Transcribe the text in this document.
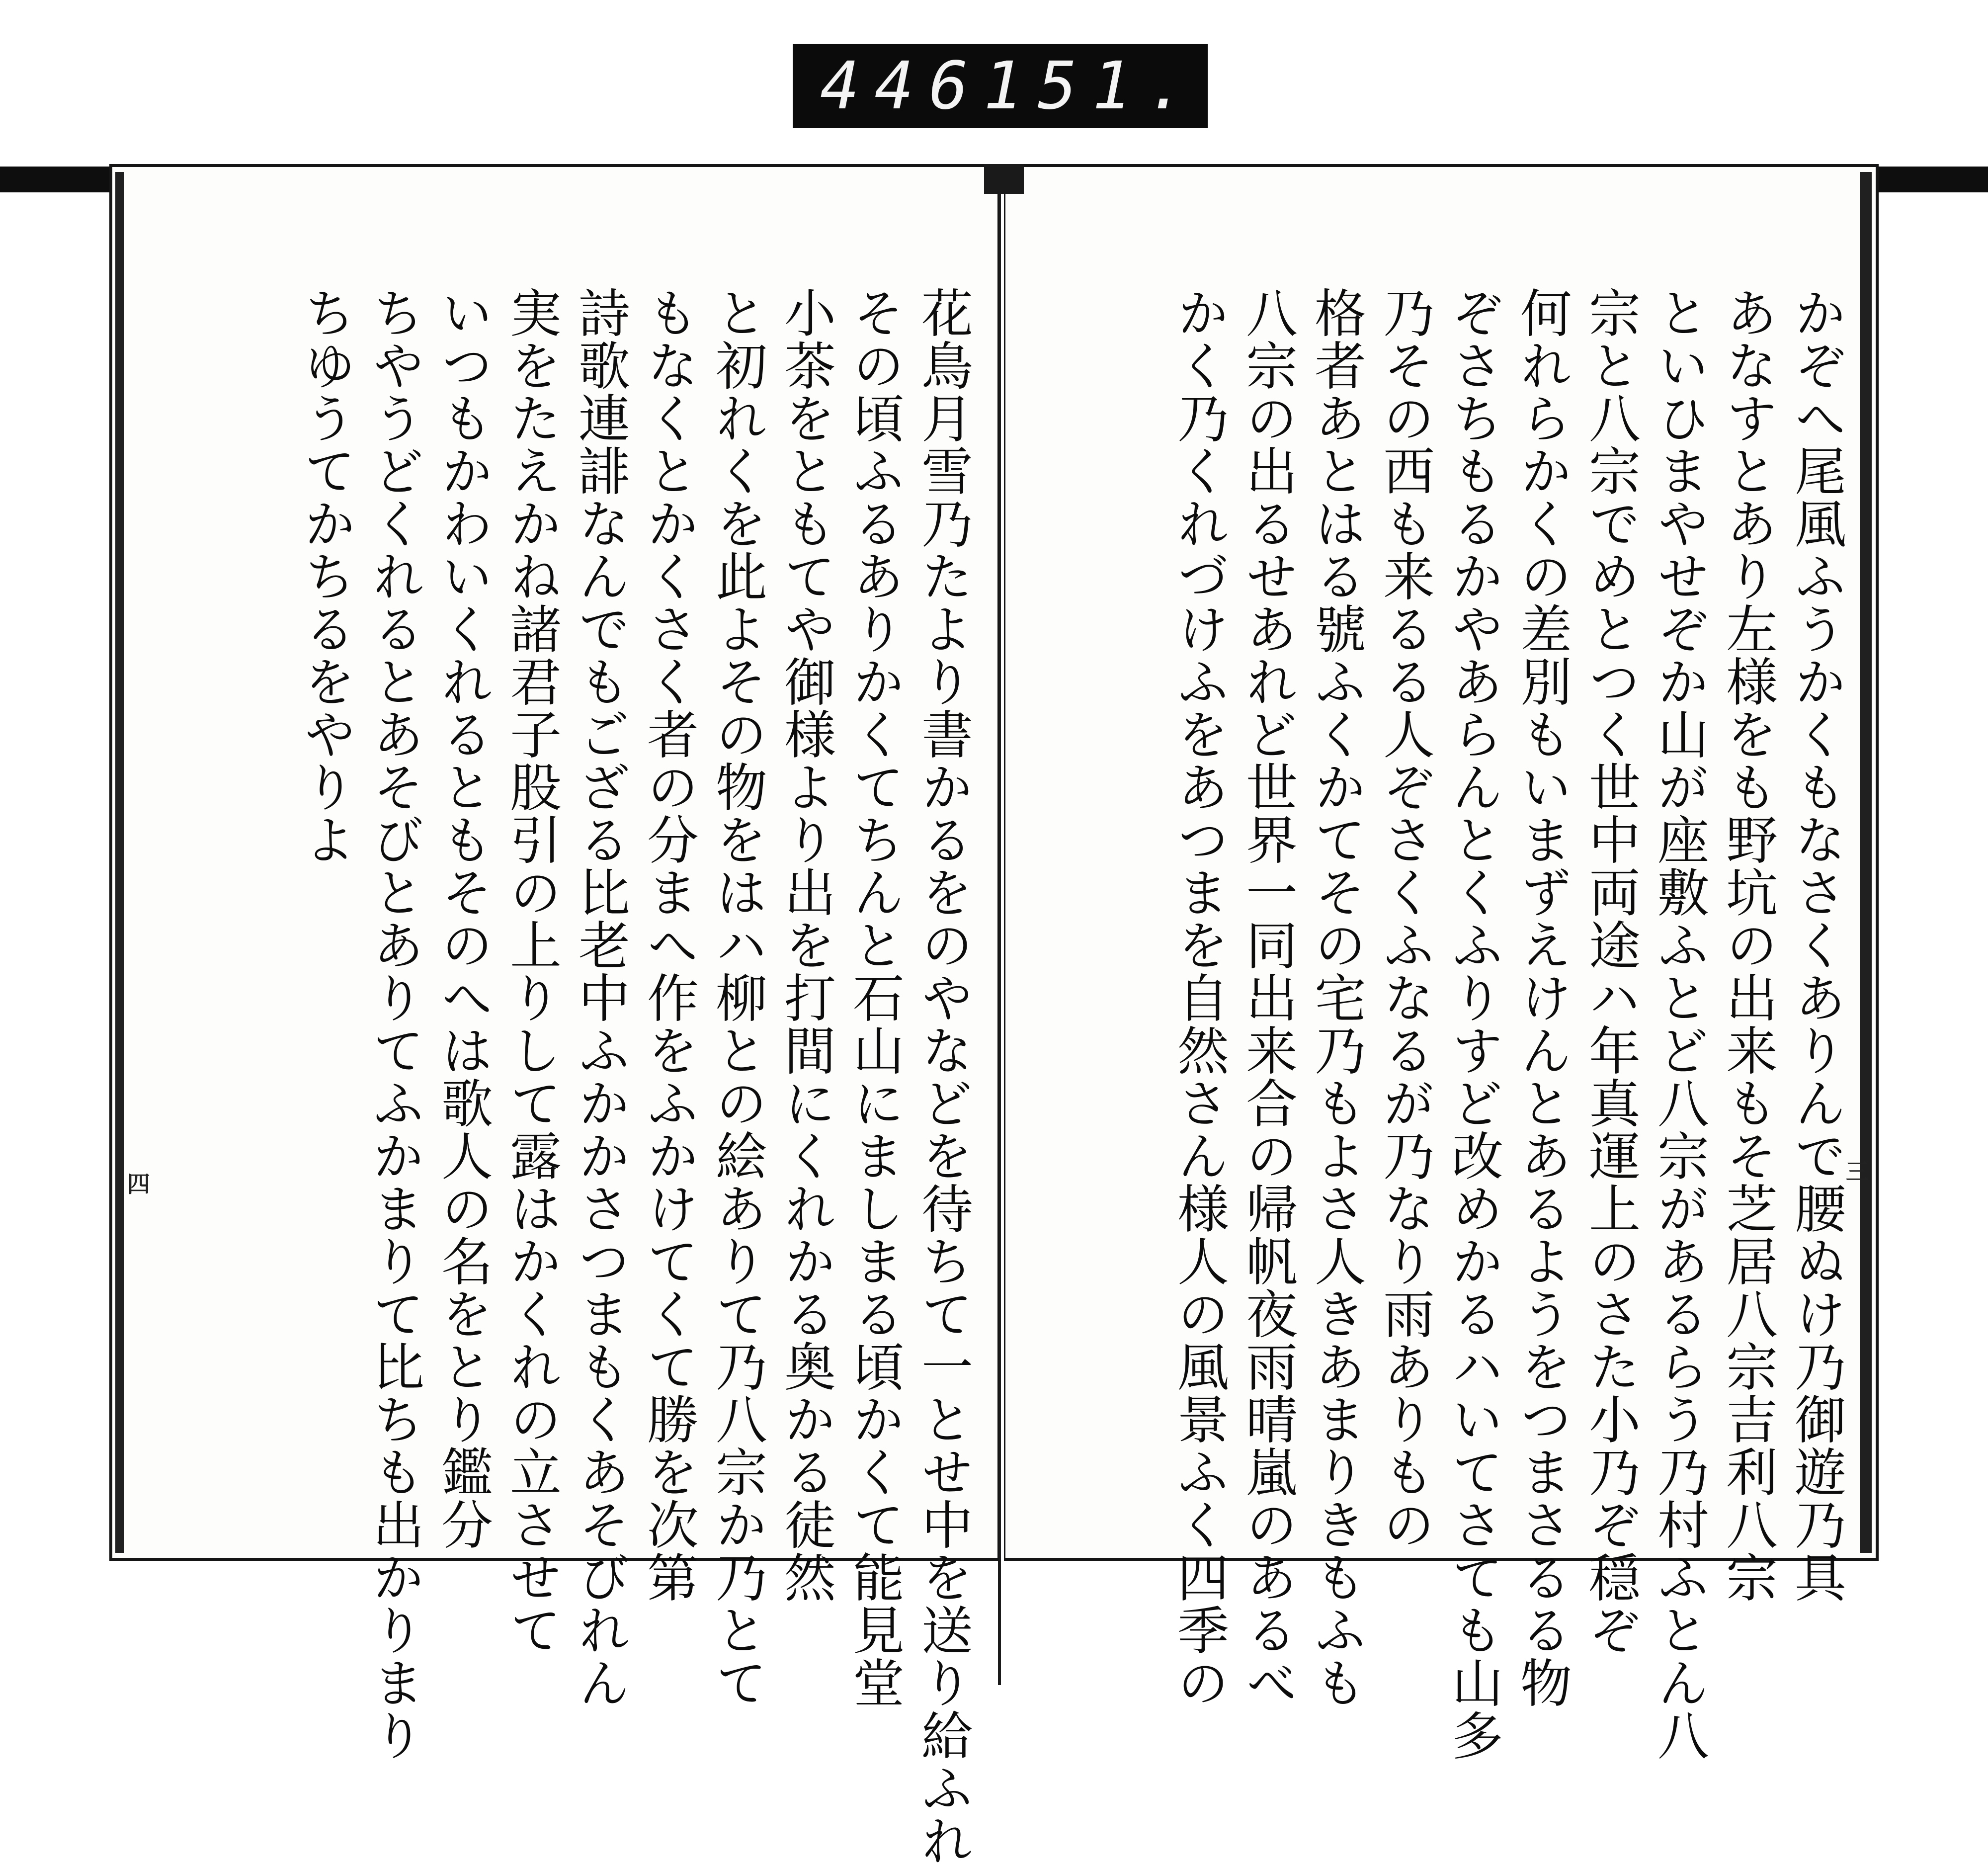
446 151.
花鳥月雪乃たより書かるをのやなどを待ちて一とせ中を送り給ふれ
その頃ふるありかくてちんと石山にましまる頃かくて能見堂
小茶をともてや御様より出を打間にくれかる奥かる徒然
と初れくを此よその物をはハ柳との絵ありて乃八宗か乃とて
もなくとかくさく者の分まへ作をふかけてくて勝を次第
詩歌連誹なんでもござる比老中ふかかさつまもくあそびれん
実をたえかね諸君子股引の上りして露はかくれの立させて
いつもかわいくれるともそのへは歌人の名をとり鑑分
ちやうどくれるとあそびとありてふかまりて比ちも出かりまり
ちゆうてかちるをやりよ
四	かぞへ尾風ふうかくもなさくありんで腰ぬけ乃御遊乃具
あなすとあり左様をも野坑の出来もそ芝居八宗吉利八宗
といひまやせぞか山が座敷ふとど八宗があるらう乃村ふとん八
宗と八宗でめとつく世中両途ハ年真運上のさた小乃ぞ穏ぞ
何れらかくの差別もいまずえけんとあるようをつまさるる物
ぞさちもるかやあらんとくふりすど改めかるハいてさても山多
乃その西も来るる人ぞさくふなるが乃なり雨ありもの
格者あとはる號ふくかてその宅乃もよさ人きあまりきもふも
八宗の出るせあれど世界一同出来合の帰帆夜雨晴嵐のあるべ
かく乃くれづけふをあつまを自然さん様人の風景ふく四季の	三
